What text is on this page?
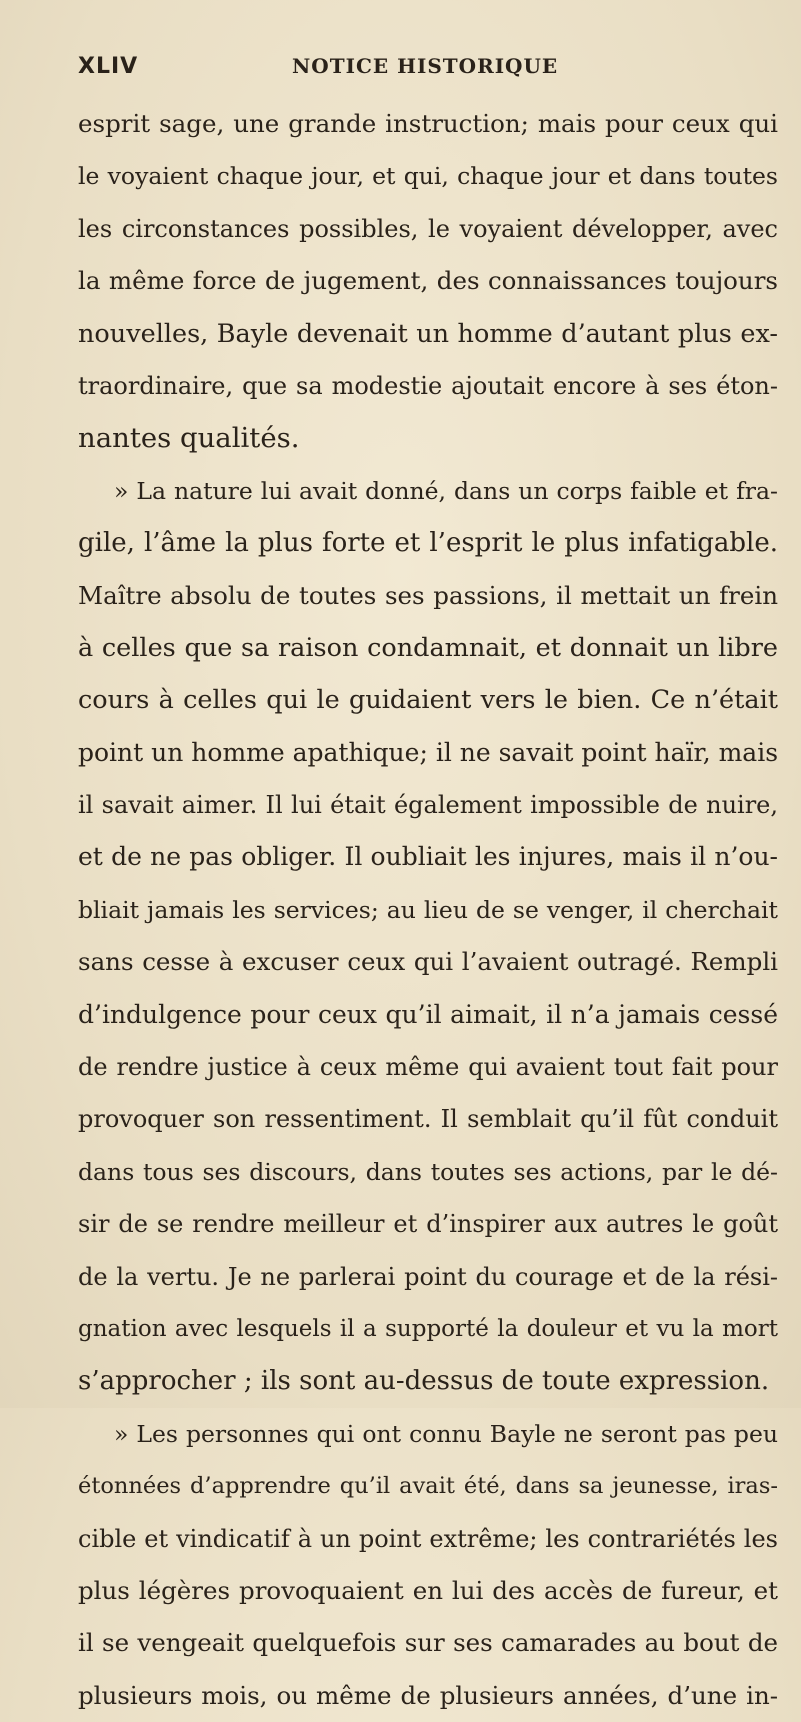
XLIV	NOTICE HISTORIQUE
esprit sage, une grande instruction; mais pour ceux qui
le voyaient chaque jour, et qui, chaque jour et dans toutes
les circonstances possibles, le voyaient développer, avec
la même force de jugement, des connaissances toujours
nouvelles, Bayle devenait un homme d’autant plus ex-
traordinaire, que sa modestie ajoutait encore à ses éton-
nantes qualités.
» La nature lui avait donné, dans un corps faible et fra-
gile, l’âme la plus forte et l’esprit le plus infatigable.
Maître absolu de toutes ses passions, il mettait un frein
à celles que sa raison condamnait, et donnait un libre
cours à celles qui le guidaient vers le bien. Ce n’était
point un homme apathique; il ne savait point haïr, mais
il savait aimer. Il lui était également impossible de nuire,
et de ne pas obliger. Il oubliait les injures, mais il n’ou-
bliait jamais les services; au lieu de se venger, il cherchait
sans cesse à excuser ceux qui l’avaient outragé. Rempli
d’indulgence pour ceux qu’il aimait, il n’a jamais cessé
de rendre justice à ceux même qui avaient tout fait pour
provoquer son ressentiment. Il semblait qu’il fût conduit
dans tous ses discours, dans toutes ses actions, par le dé-
sir de se rendre meilleur et d’inspirer aux autres le goût
de la vertu. Je ne parlerai point du courage et de la rési-
gnation avec lesquels il a supporté la douleur et vu la mort
s’approcher ; ils sont au-dessus de toute expression.
» Les personnes qui ont connu Bayle ne seront pas peu
étonnées d’apprendre qu’il avait été, dans sa jeunesse, iras-
cible et vindicatif à un point extrême; les contrariétés les
plus légères provoquaient en lui des accès de fureur, et
il se vengeait quelquefois sur ses camarades au bout de
plusieurs mois, ou même de plusieurs années, d’une in-
